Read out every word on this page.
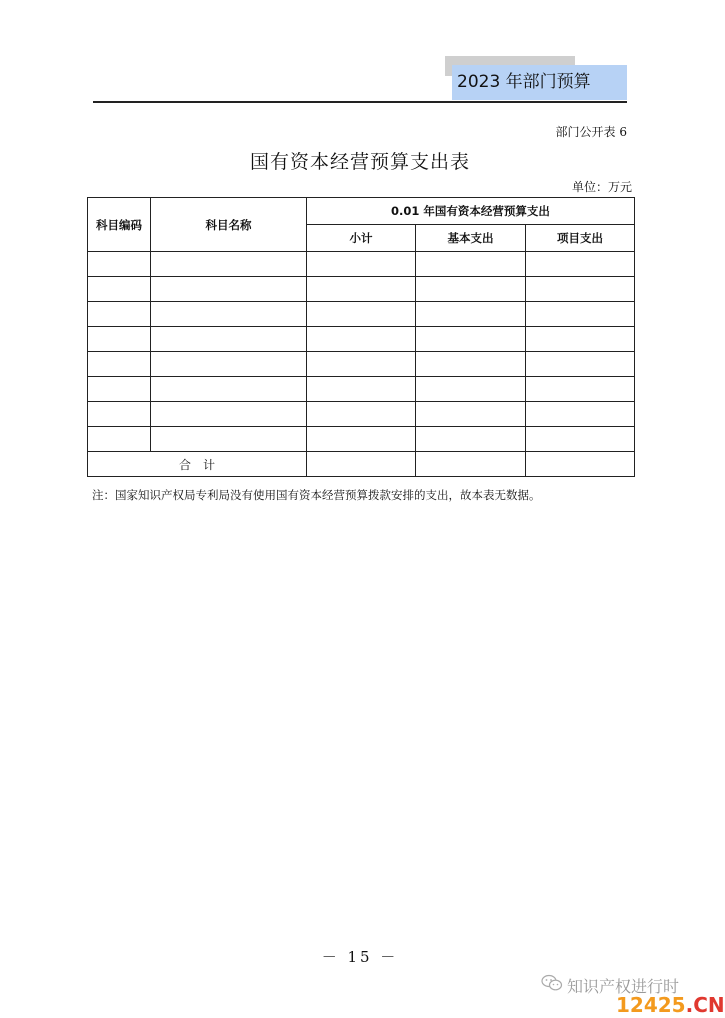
2023 年部门预算
部门公开表 6
国有资本经营预算支出表
单位：万元
科目编码	科目名称	0.01 年国有资本经营预算支出		
		小计	基本支出	项目支出

合　计				
注：国家知识产权局专利局没有使用国有资本经营预算拨款安排的支出，故本表无数据。
－ 15 －
知识产权进行时
12425.CN
